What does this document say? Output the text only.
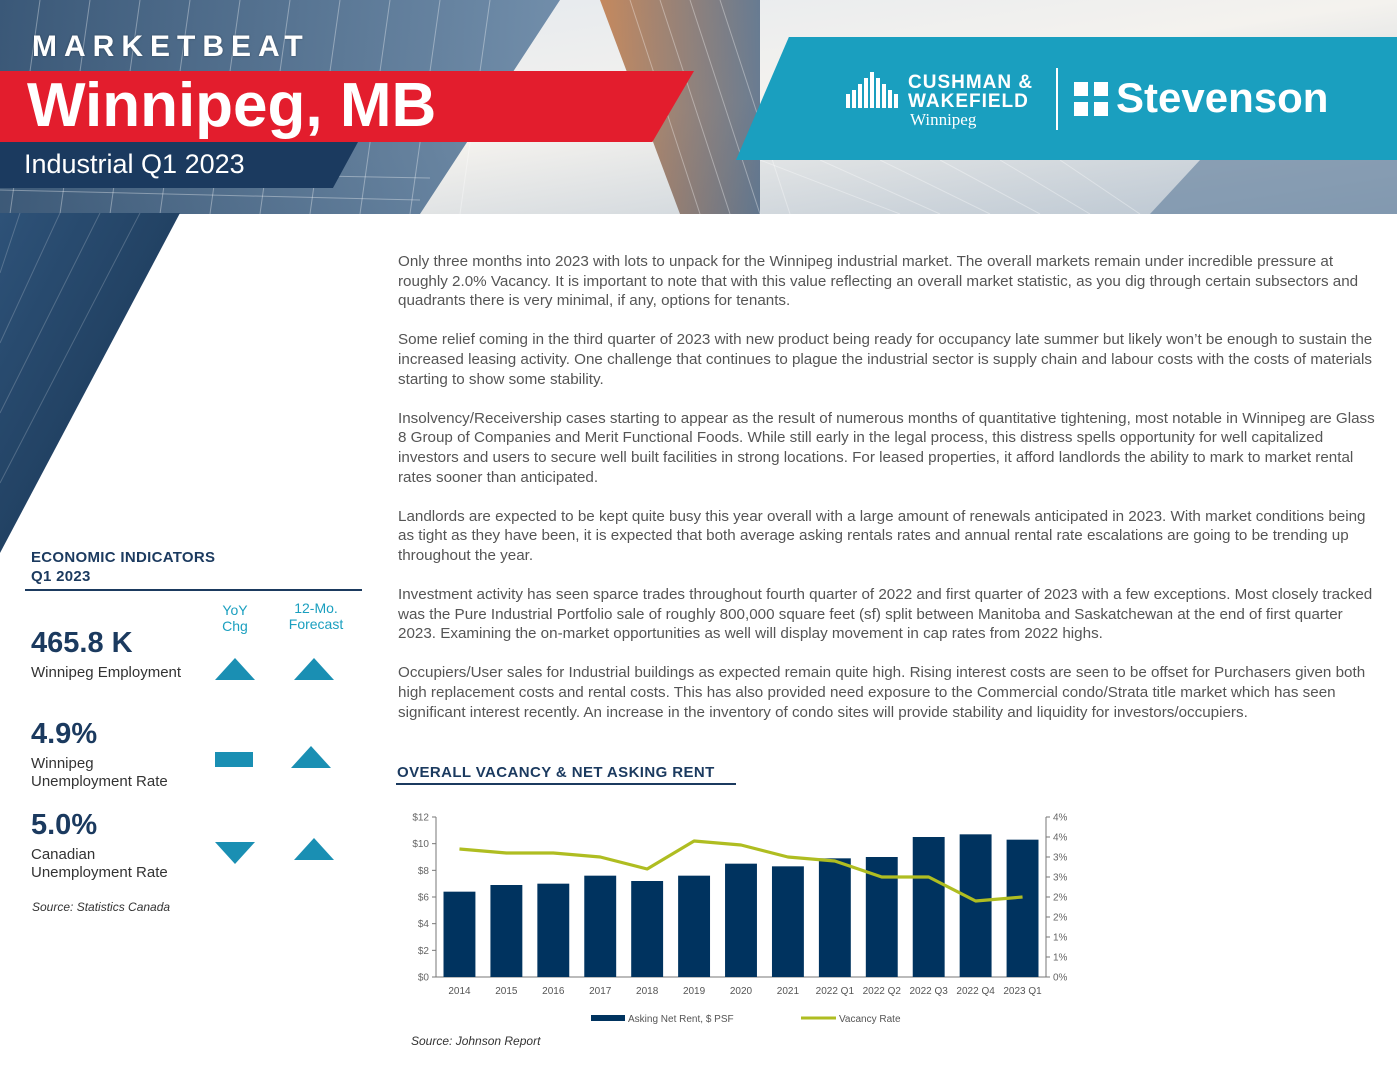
MARKETBEAT
Winnipeg, MB
Industrial Q1 2023
CUSHMAN &
WAKEFIELD
Winnipeg	Stevenson
ECONOMIC INDICATORS
Q1 2023
YoY
Chg
12-Mo.
Forecast
465.8 K
Winnipeg Employment
4.9%
Winnipeg
Unemployment Rate
5.0%
Canadian
Unemployment Rate
Source: Statistics Canada

Only three months into 2023 with lots to unpack for the Winnipeg industrial market. The overall markets remain under incredible pressure at roughly 2.0% Vacancy. It is important to note that with this value reflecting an overall market statistic, as you dig through certain subsectors and quadrants there is very minimal, if any, options for tenants.

Some relief coming in the third quarter of 2023 with new product being ready for occupancy late summer but likely won’t be enough to sustain the increased leasing activity. One challenge that continues to plague the industrial sector is supply chain and labour costs with the costs of materials starting to show some stability.

Insolvency/Receivership cases starting to appear as the result of numerous months of quantitative tightening, most notable in Winnipeg are Glass 8 Group of Companies and Merit Functional Foods. While still early in the legal process, this distress spells opportunity for well capitalized investors and users to secure well built facilities in strong locations. For leased properties, it afford landlords the ability to mark to market rental rates sooner than anticipated.

Landlords are expected to be kept quite busy this year overall with a large amount of renewals anticipated in 2023. With market conditions being as tight as they have been, it is expected that both average asking rentals rates and annual rental rate escalations are going to be trending up throughout the year.

Investment activity has seen sparce trades throughout fourth quarter of 2022 and first quarter of 2023 with a few exceptions. Most closely tracked was the Pure Industrial Portfolio sale of roughly 800,000 square feet (sf) split between Manitoba and Saskatchewan at the end of first quarter 2023. Examining the on-market opportunities as well will display movement in cap rates from 2022 highs.

Occupiers/User sales for Industrial buildings as expected remain quite high. Rising interest costs are seen to be offset for Purchasers given both high replacement costs and rental costs. This has also provided need exposure to the Commercial condo/Strata title market which has seen significant interest recently. An increase in the inventory of condo sites will provide stability and liquidity for investors/occupiers.

OVERALL VACANCY & NET ASKING RENT
$0
$2
$4
$6
$8
$10
$12
0%
1%
1%
2%
2%
3%
3%
4%
4%
2014 2015 2016 2017 2018 2019 2020 2021 2022 Q1 2022 Q2 2022 Q3 2022 Q4 2023 Q1
Asking Net Rent, $ PSF	Vacancy Rate
Source: Johnson Report
